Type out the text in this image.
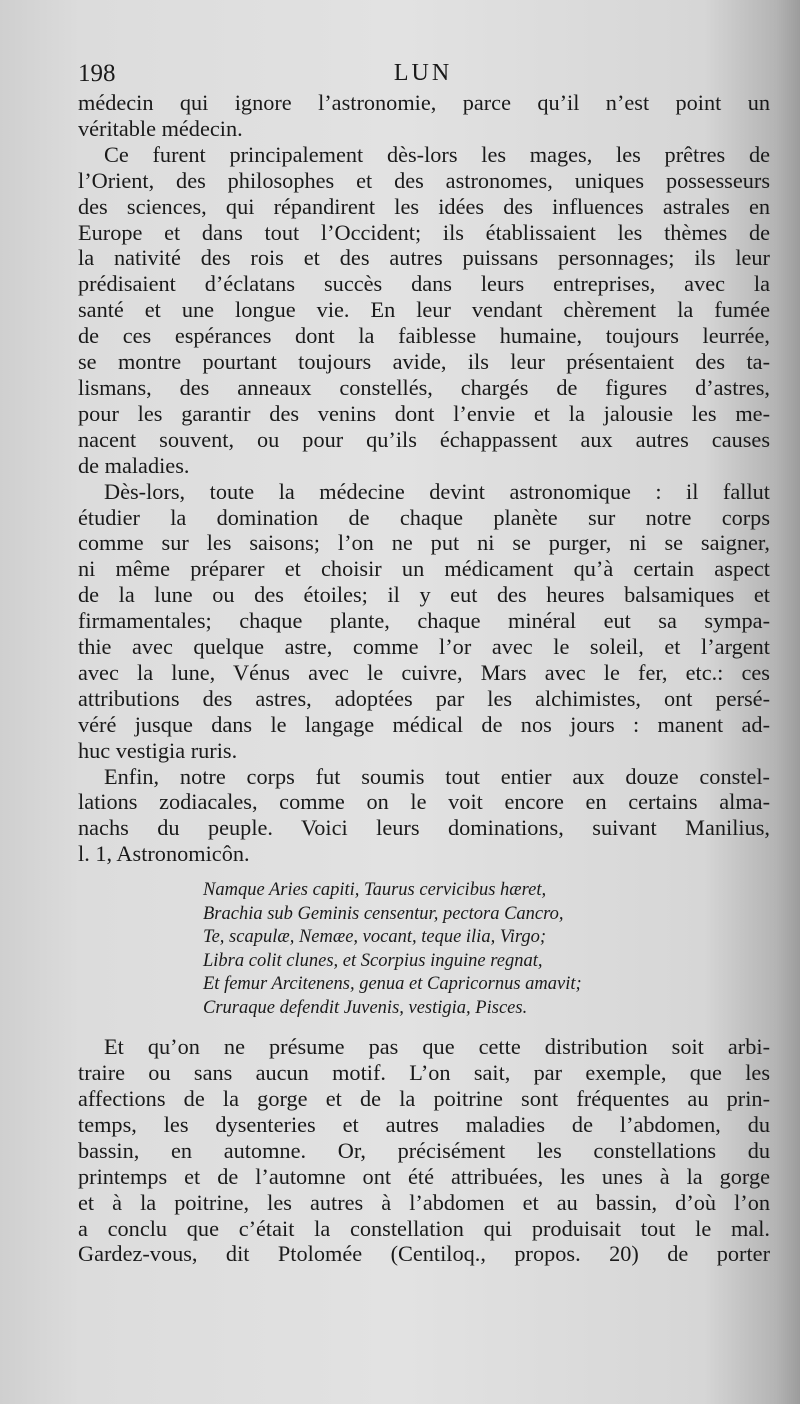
198	LUN

médecin qui ignore l’astronomie, parce qu’il n’est point un
véritable médecin.

Ce furent principalement dès-lors les mages, les prêtres de
l’Orient, des philosophes et des astronomes, uniques possesseurs
des sciences, qui répandirent les idées des influences astrales en
Europe et dans tout l’Occident; ils établissaient les thèmes de
la nativité des rois et des autres puissans personnages; ils leur
prédisaient d’éclatans succès dans leurs entreprises, avec la
santé et une longue vie. En leur vendant chèrement la fumée
de ces espérances dont la faiblesse humaine, toujours leurrée,
se montre pourtant toujours avide, ils leur présentaient des ta-
lismans, des anneaux constellés, chargés de figures d’astres,
pour les garantir des venins dont l’envie et la jalousie les me-
nacent souvent, ou pour qu’ils échappassent aux autres causes
de maladies.

Dès-lors, toute la médecine devint astronomique : il fallut
étudier la domination de chaque planète sur notre corps
comme sur les saisons; l’on ne put ni se purger, ni se saigner,
ni même préparer et choisir un médicament qu’à certain aspect
de la lune ou des étoiles; il y eut des heures balsamiques et
firmamentales; chaque plante, chaque minéral eut sa sympa-
thie avec quelque astre, comme l’or avec le soleil, et l’argent
avec la lune, Vénus avec le cuivre, Mars avec le fer, etc.: ces
attributions des astres, adoptées par les alchimistes, ont persé-
véré jusque dans le langage médical de nos jours : manent ad-
huc vestigia ruris.

Enfin, notre corps fut soumis tout entier aux douze constel-
lations zodiacales, comme on le voit encore en certains alma-
nachs du peuple. Voici leurs dominations, suivant Manilius,
l. 1, Astronomicôn.

Namque Aries capiti, Taurus cervicibus hæret,
Brachia sub Geminis censentur, pectora Cancro,
Te, scapulæ, Nemæe, vocant, teque ilia, Virgo;
Libra colit clunes, et Scorpius inguine regnat,
Et femur Arcitenens, genua et Capricornus amavit;
Cruraque defendit Juvenis, vestigia, Pisces.

Et qu’on ne présume pas que cette distribution soit arbi-
traire ou sans aucun motif. L’on sait, par exemple, que les
affections de la gorge et de la poitrine sont fréquentes au prin-
temps, les dysenteries et autres maladies de l’abdomen, du
bassin, en automne. Or, précisément les constellations du
printemps et de l’automne ont été attribuées, les unes à la gorge
et à la poitrine, les autres à l’abdomen et au bassin, d’où l’on
a conclu que c’était la constellation qui produisait tout le mal.
Gardez-vous, dit Ptolomée (Centiloq., propos. 20) de porter
